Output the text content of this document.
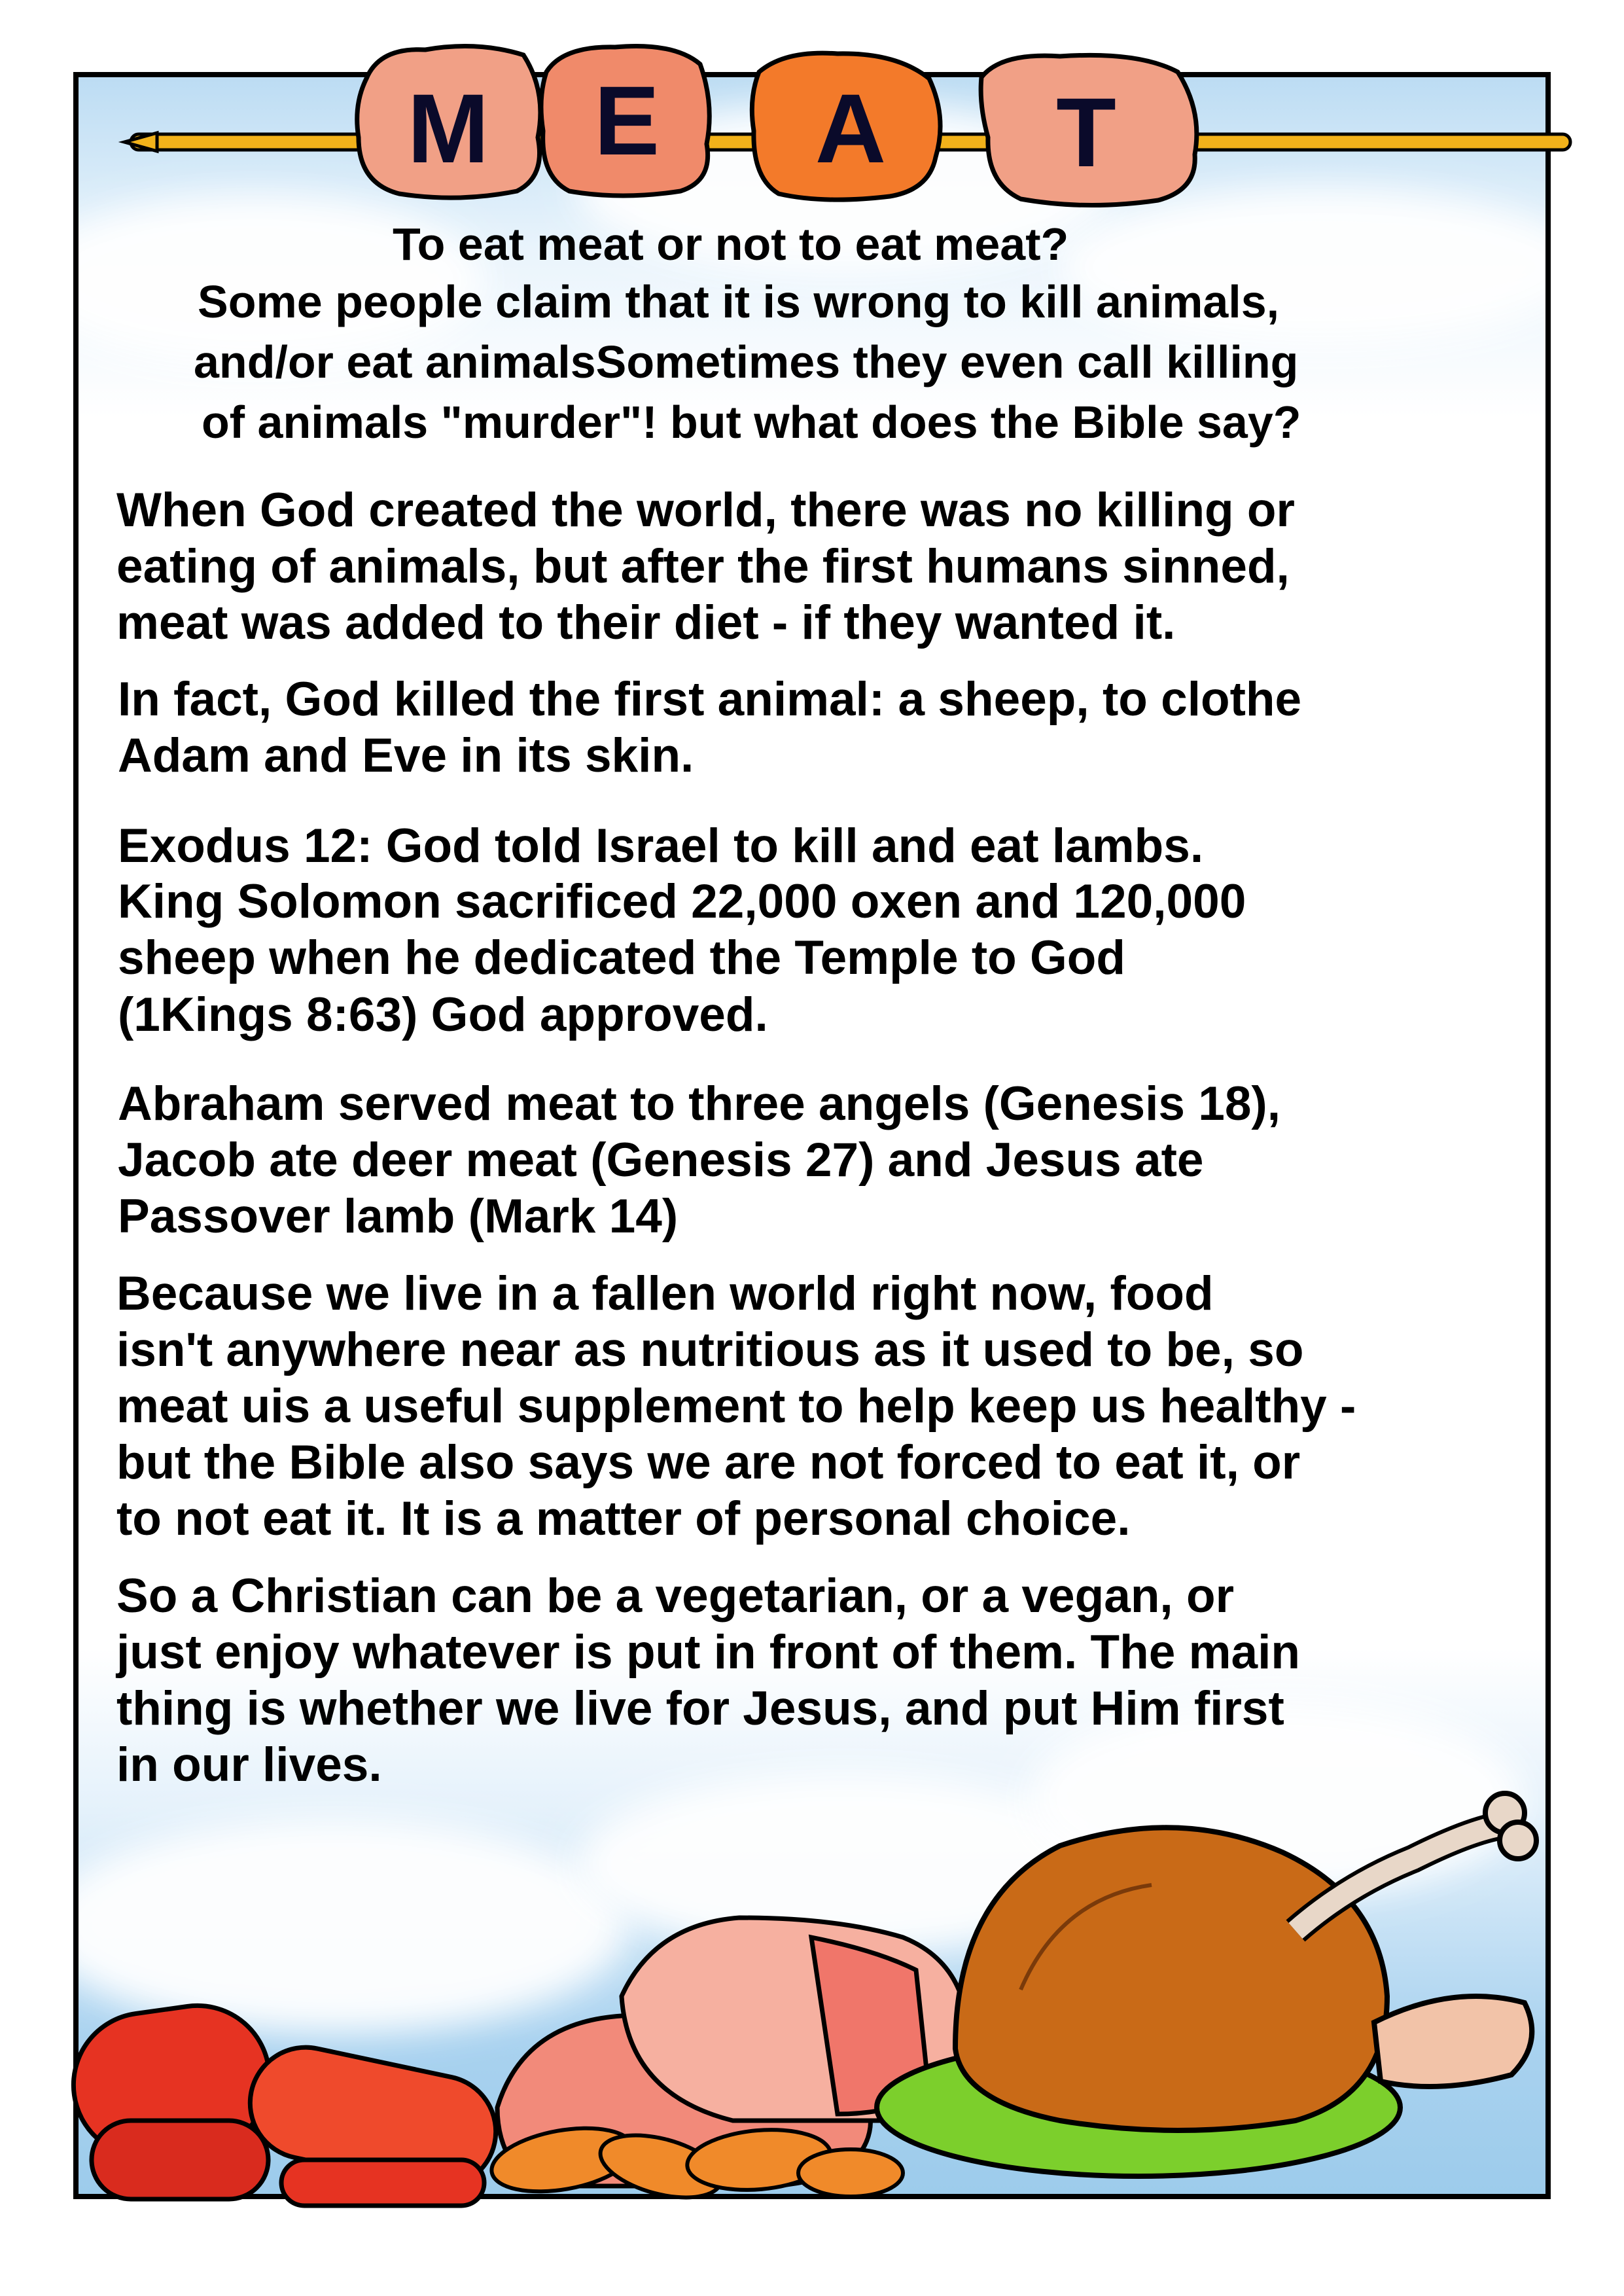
To eat meat or not to eat meat?
Some people claim that it is wrong to kill animals,
and/or eat animalsSometimes they even call killing
of animals "murder"! but what does the Bible say?
When God created the world, there was no killing or
eating of animals, but after the first humans sinned,
meat was added to their diet - if they wanted it.
In fact, God killed the first animal: a sheep, to clothe
Adam and Eve in its skin.
Exodus 12: God told Israel to kill and eat lambs.
King Solomon sacrificed 22,000 oxen and 120,000
sheep when he dedicated the Temple to God
(1Kings 8:63) God approved.
Abraham served meat to three angels (Genesis 18),
Jacob ate deer meat (Genesis 27) and Jesus ate
Passover lamb (Mark 14)
Because we live in a fallen world right now, food
isn't anywhere near as nutritious as it used to be, so
meat uis a useful supplement to help keep us healthy -
but the Bible also says we are not forced to eat it, or
to not eat it. It is a matter of personal choice.
So a Christian can be a vegetarian, or a vegan, or
just enjoy whatever is put in front of them. The main
thing is whether we live for Jesus, and put Him first
in our lives.
M E A T
